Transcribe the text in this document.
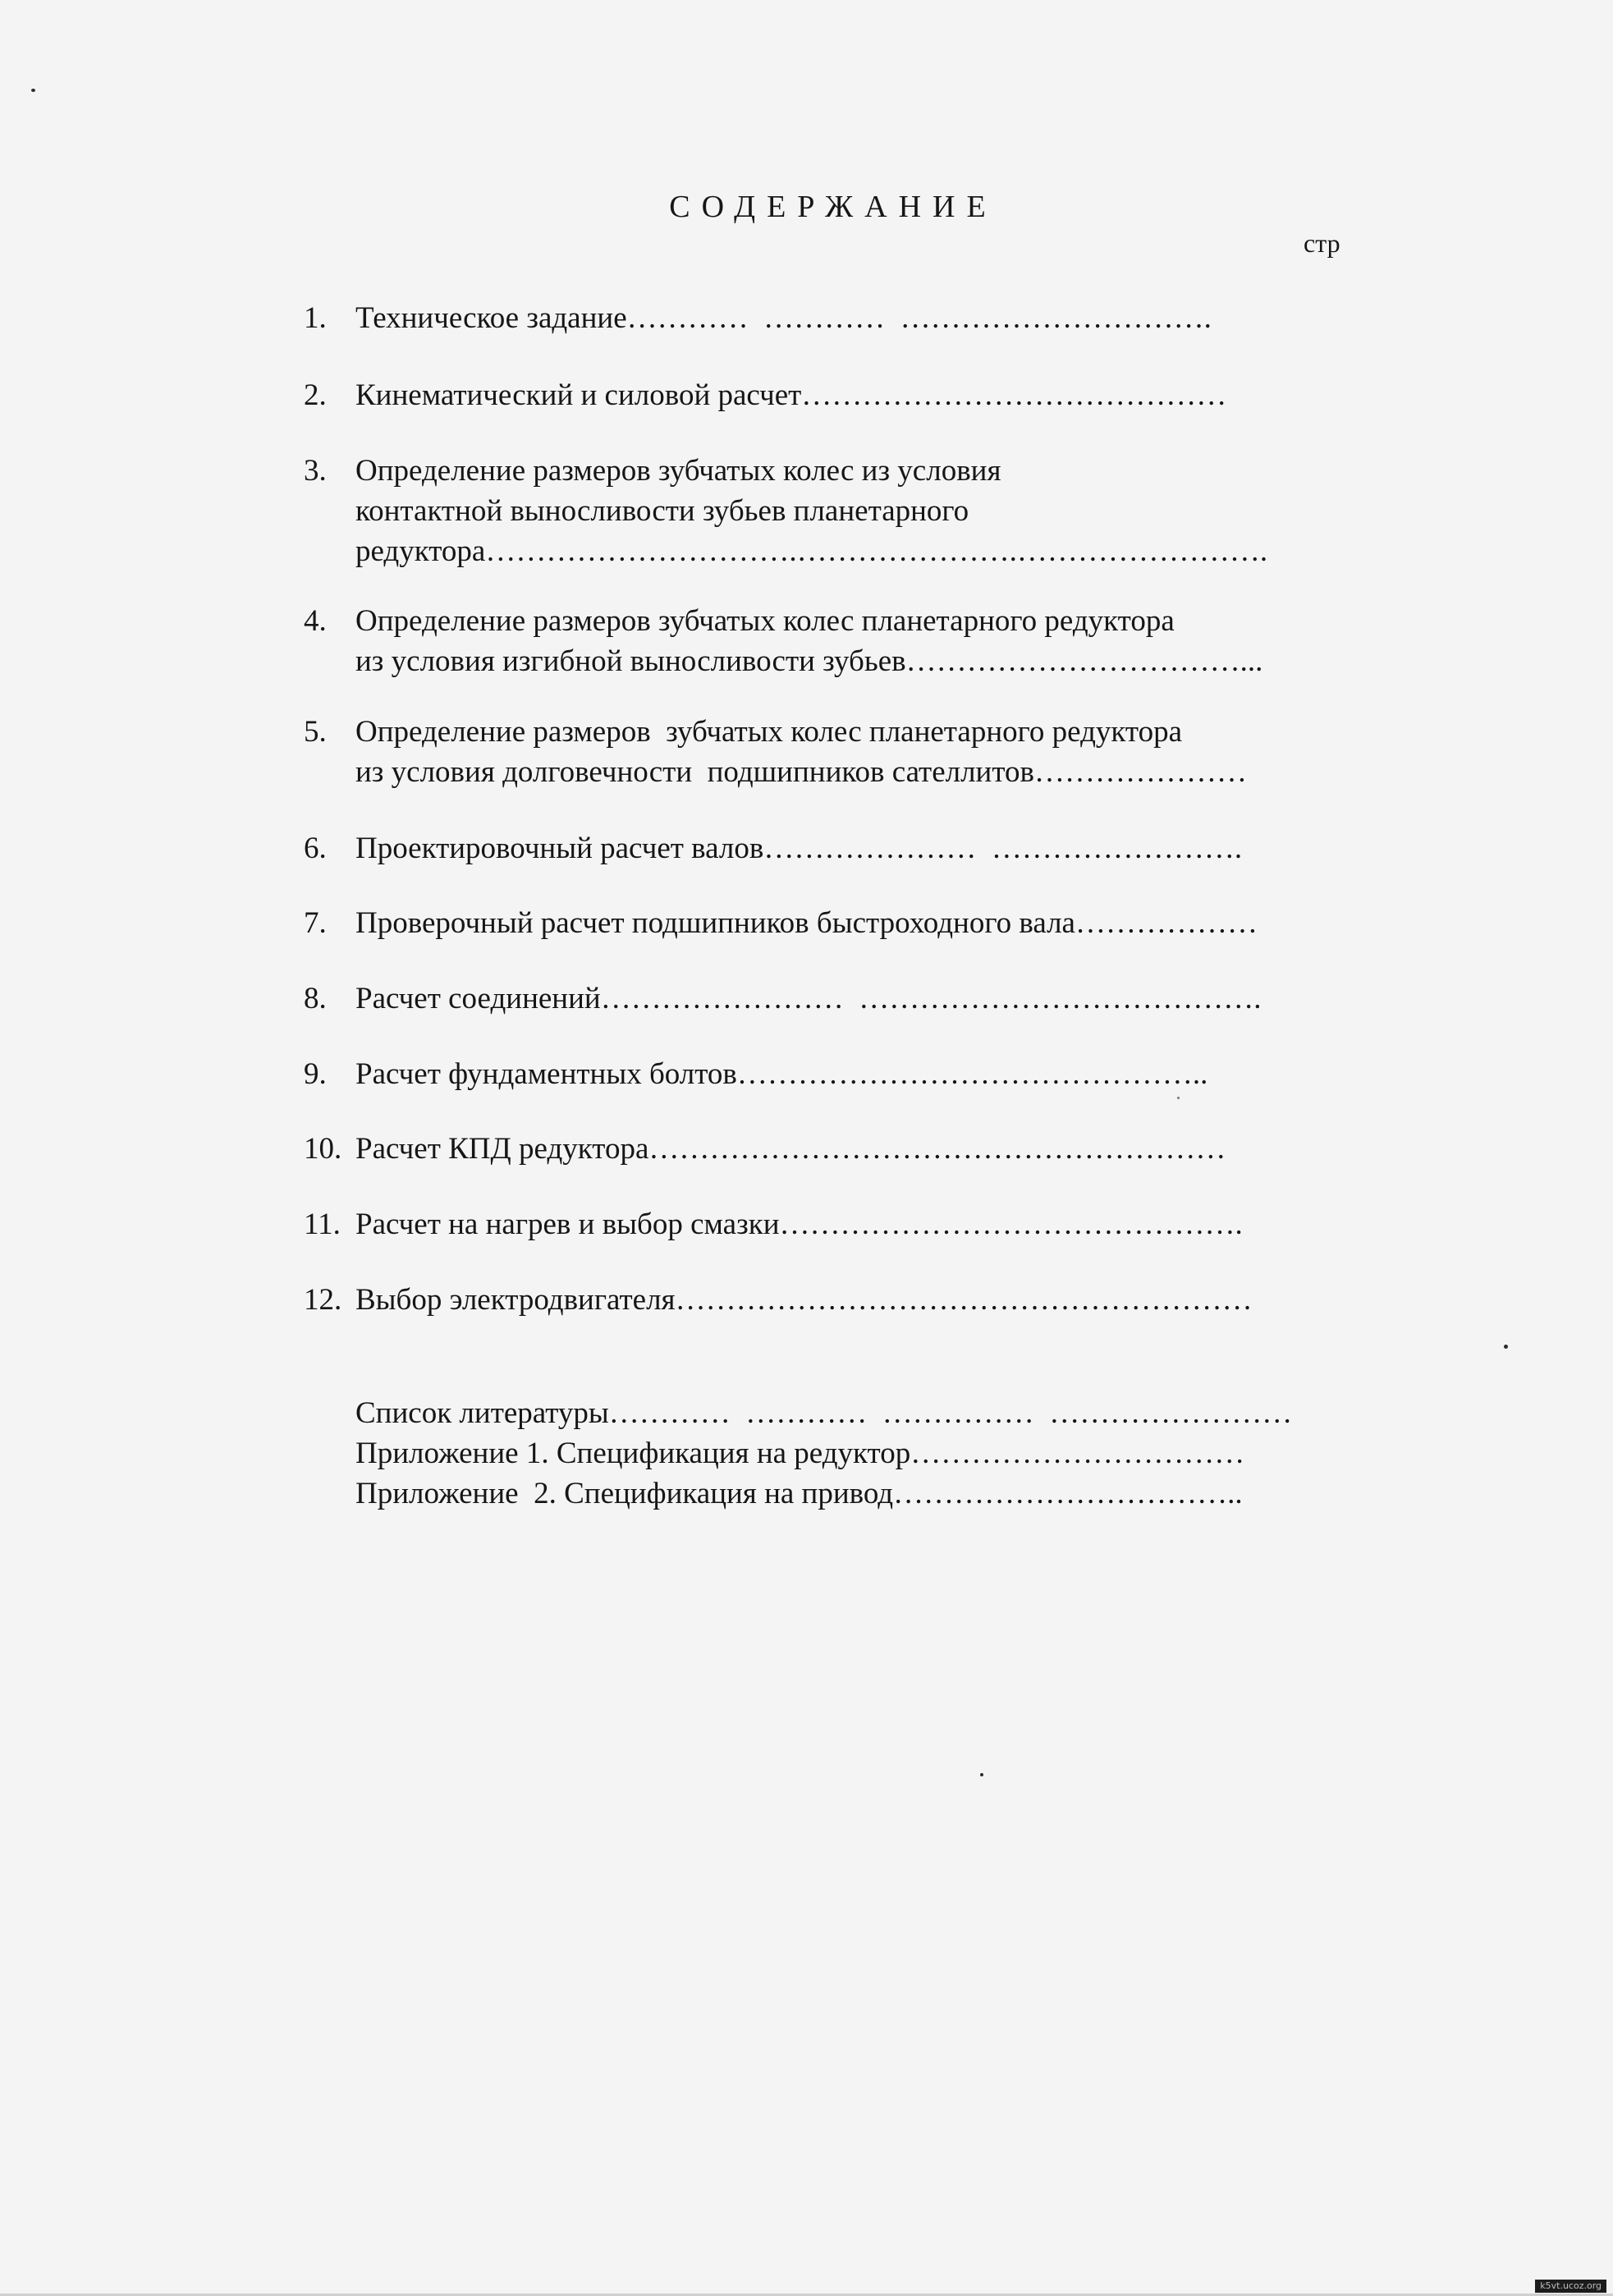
СОДЕРЖАНИЕ
стр
1. Техническое задание…………  …………  ………………………….
2. Кинематический и силовой расчет……………………………………
3. Определение размеров зубчатых колес из условия
контактной выносливости зубьев планетарного
редуктора………………………….………………….…………………….
4. Определение размеров зубчатых колес планетарного редуктора
из условия изгибной выносливости зубьев……………………………...
5. Определение размеров  зубчатых колес планетарного редуктора
из условия долговечности  подшипников сателлитов…………………
6. Проектировочный расчет валов…………………  …………………….
7. Проверочный расчет подшипников быстроходного вала………………
8. Расчет соединений……………………  ………………………………….
9. Расчет фундаментных болтов………………………………………..
10. Расчет КПД редуктора…………………………………………………
11. Расчет на нагрев и выбор смазки……………………………………….
12. Выбор электродвигателя…………………………………………………
Список литературы…………  …………  ……………  ……………………
Приложение 1. Спецификация на редуктор……………………………
Приложение  2. Спецификация на привод……………………………..
k5vt.ucoz.org
